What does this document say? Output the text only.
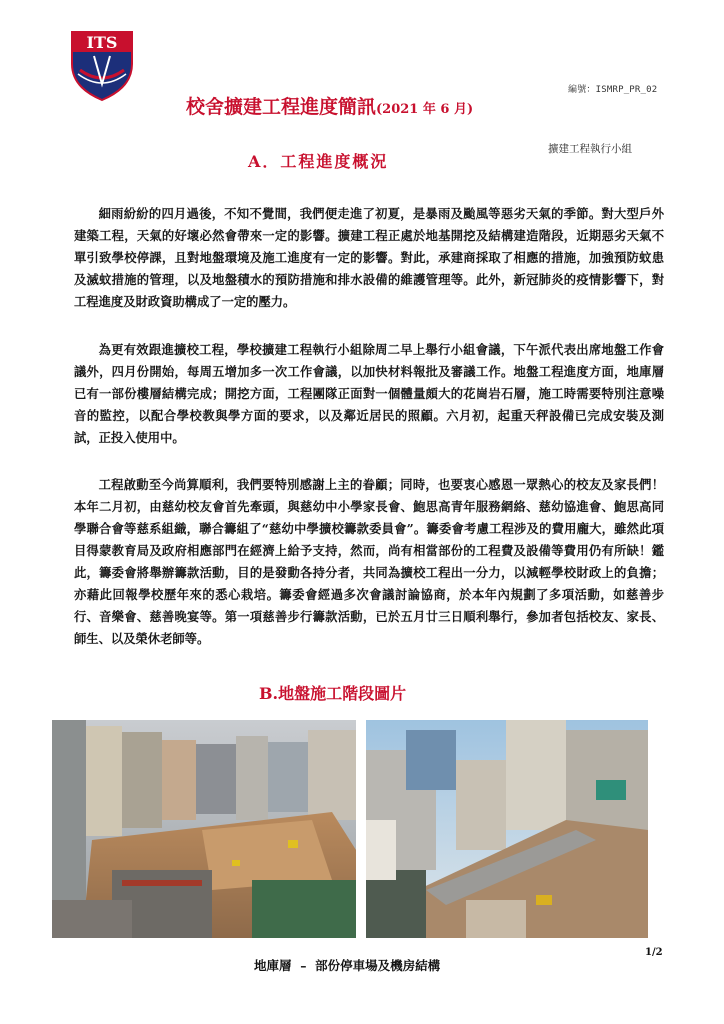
ITS
編號：ISMRP_PR_02
校舍擴建工程進度簡訊(2021 年 6 月)
擴建工程執行小組
A．工程進度概況

細雨紛紛的四月過後，不知不覺間，我們便走進了初夏，是暴雨及颱風等惡劣天氣的季節。對大型戶外建築工程，天氣的好壞必然會帶來一定的影響。擴建工程正處於地基開挖及結構建造階段，近期惡劣天氣不單引致學校停課，且對地盤環境及施工進度有一定的影響。對此，承建商採取了相應的措施，加強預防蚊患及滅蚊措施的管理，以及地盤積水的預防措施和排水設備的維護管理等。此外，新冠肺炎的疫情影響下，對工程進度及財政資助構成了一定的壓力。

為更有效跟進擴校工程，學校擴建工程執行小組除周二早上舉行小組會議，下午派代表出席地盤工作會議外，四月份開始，每周五增加多一次工作會議，以加快材料報批及審議工作。地盤工程進度方面，地庫層已有一部份樓層結構完成；開挖方面，工程團隊正面對一個體量頗大的花崗岩石層，施工時需要特別注意噪音的監控，以配合學校教與學方面的要求，以及鄰近居民的照顧。六月初，起重天秤設備已完成安裝及測試，正投入使用中。

工程啟動至今尚算順利，我們要特別感謝上主的眷顧；同時，也要衷心感恩一眾熱心的校友及家長們！ 本年二月初，由慈幼校友會首先牽頭，與慈幼中小學家長會、鮑思高青年服務網絡、慈幼協進會、鮑思高同學聯合會等慈系組織，聯合籌組了“慈幼中學擴校籌款委員會”。籌委會考慮工程涉及的費用龐大，雖然此項目得蒙教育局及政府相應部門在經濟上給予支持，然而，尚有相當部份的工程費及設備等費用仍有所缺！鑑此，籌委會將舉辦籌款活動，目的是發動各持分者，共同為擴校工程出一分力，以減輕學校財政上的負擔；亦藉此回報學校歷年來的悉心栽培。籌委會經過多次會議討論協商，於本年內規劃了多項活動，如慈善步行、音樂會、慈善晚宴等。第一項慈善步行籌款活動，已於五月廿三日順利舉行，參加者包括校友、家長、師生、以及榮休老師等。

B.地盤施工階段圖片
地庫層  –  部份停車場及機房結構
1/2
